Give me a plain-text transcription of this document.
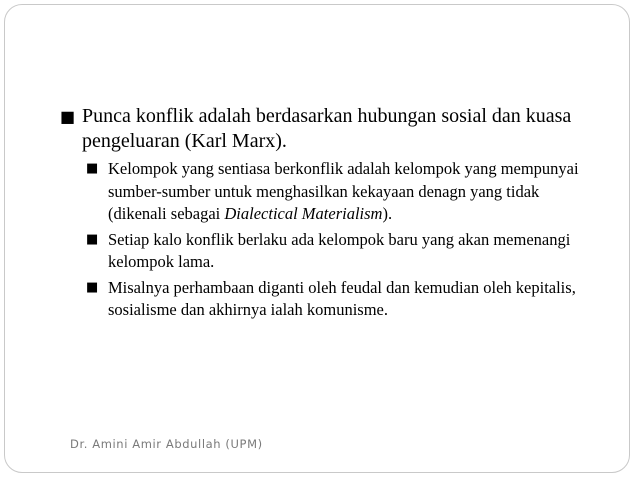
■ Punca konflik adalah berdasarkan hubungan sosial dan kuasa pengeluaran (Karl Marx).
■ Kelompok yang sentiasa berkonflik adalah kelompok yang mempunyai sumber-sumber untuk menghasilkan kekayaan denagn yang tidak (dikenali sebagai Dialectical Materialism).
■ Setiap kalo konflik berlaku ada kelompok baru yang akan memenangi kelompok lama.
■ Misalnya perhambaan diganti oleh feudal dan kemudian oleh kepitalis, sosialisme dan akhirnya ialah komunisme.
Dr. Amini Amir Abdullah (UPM)
